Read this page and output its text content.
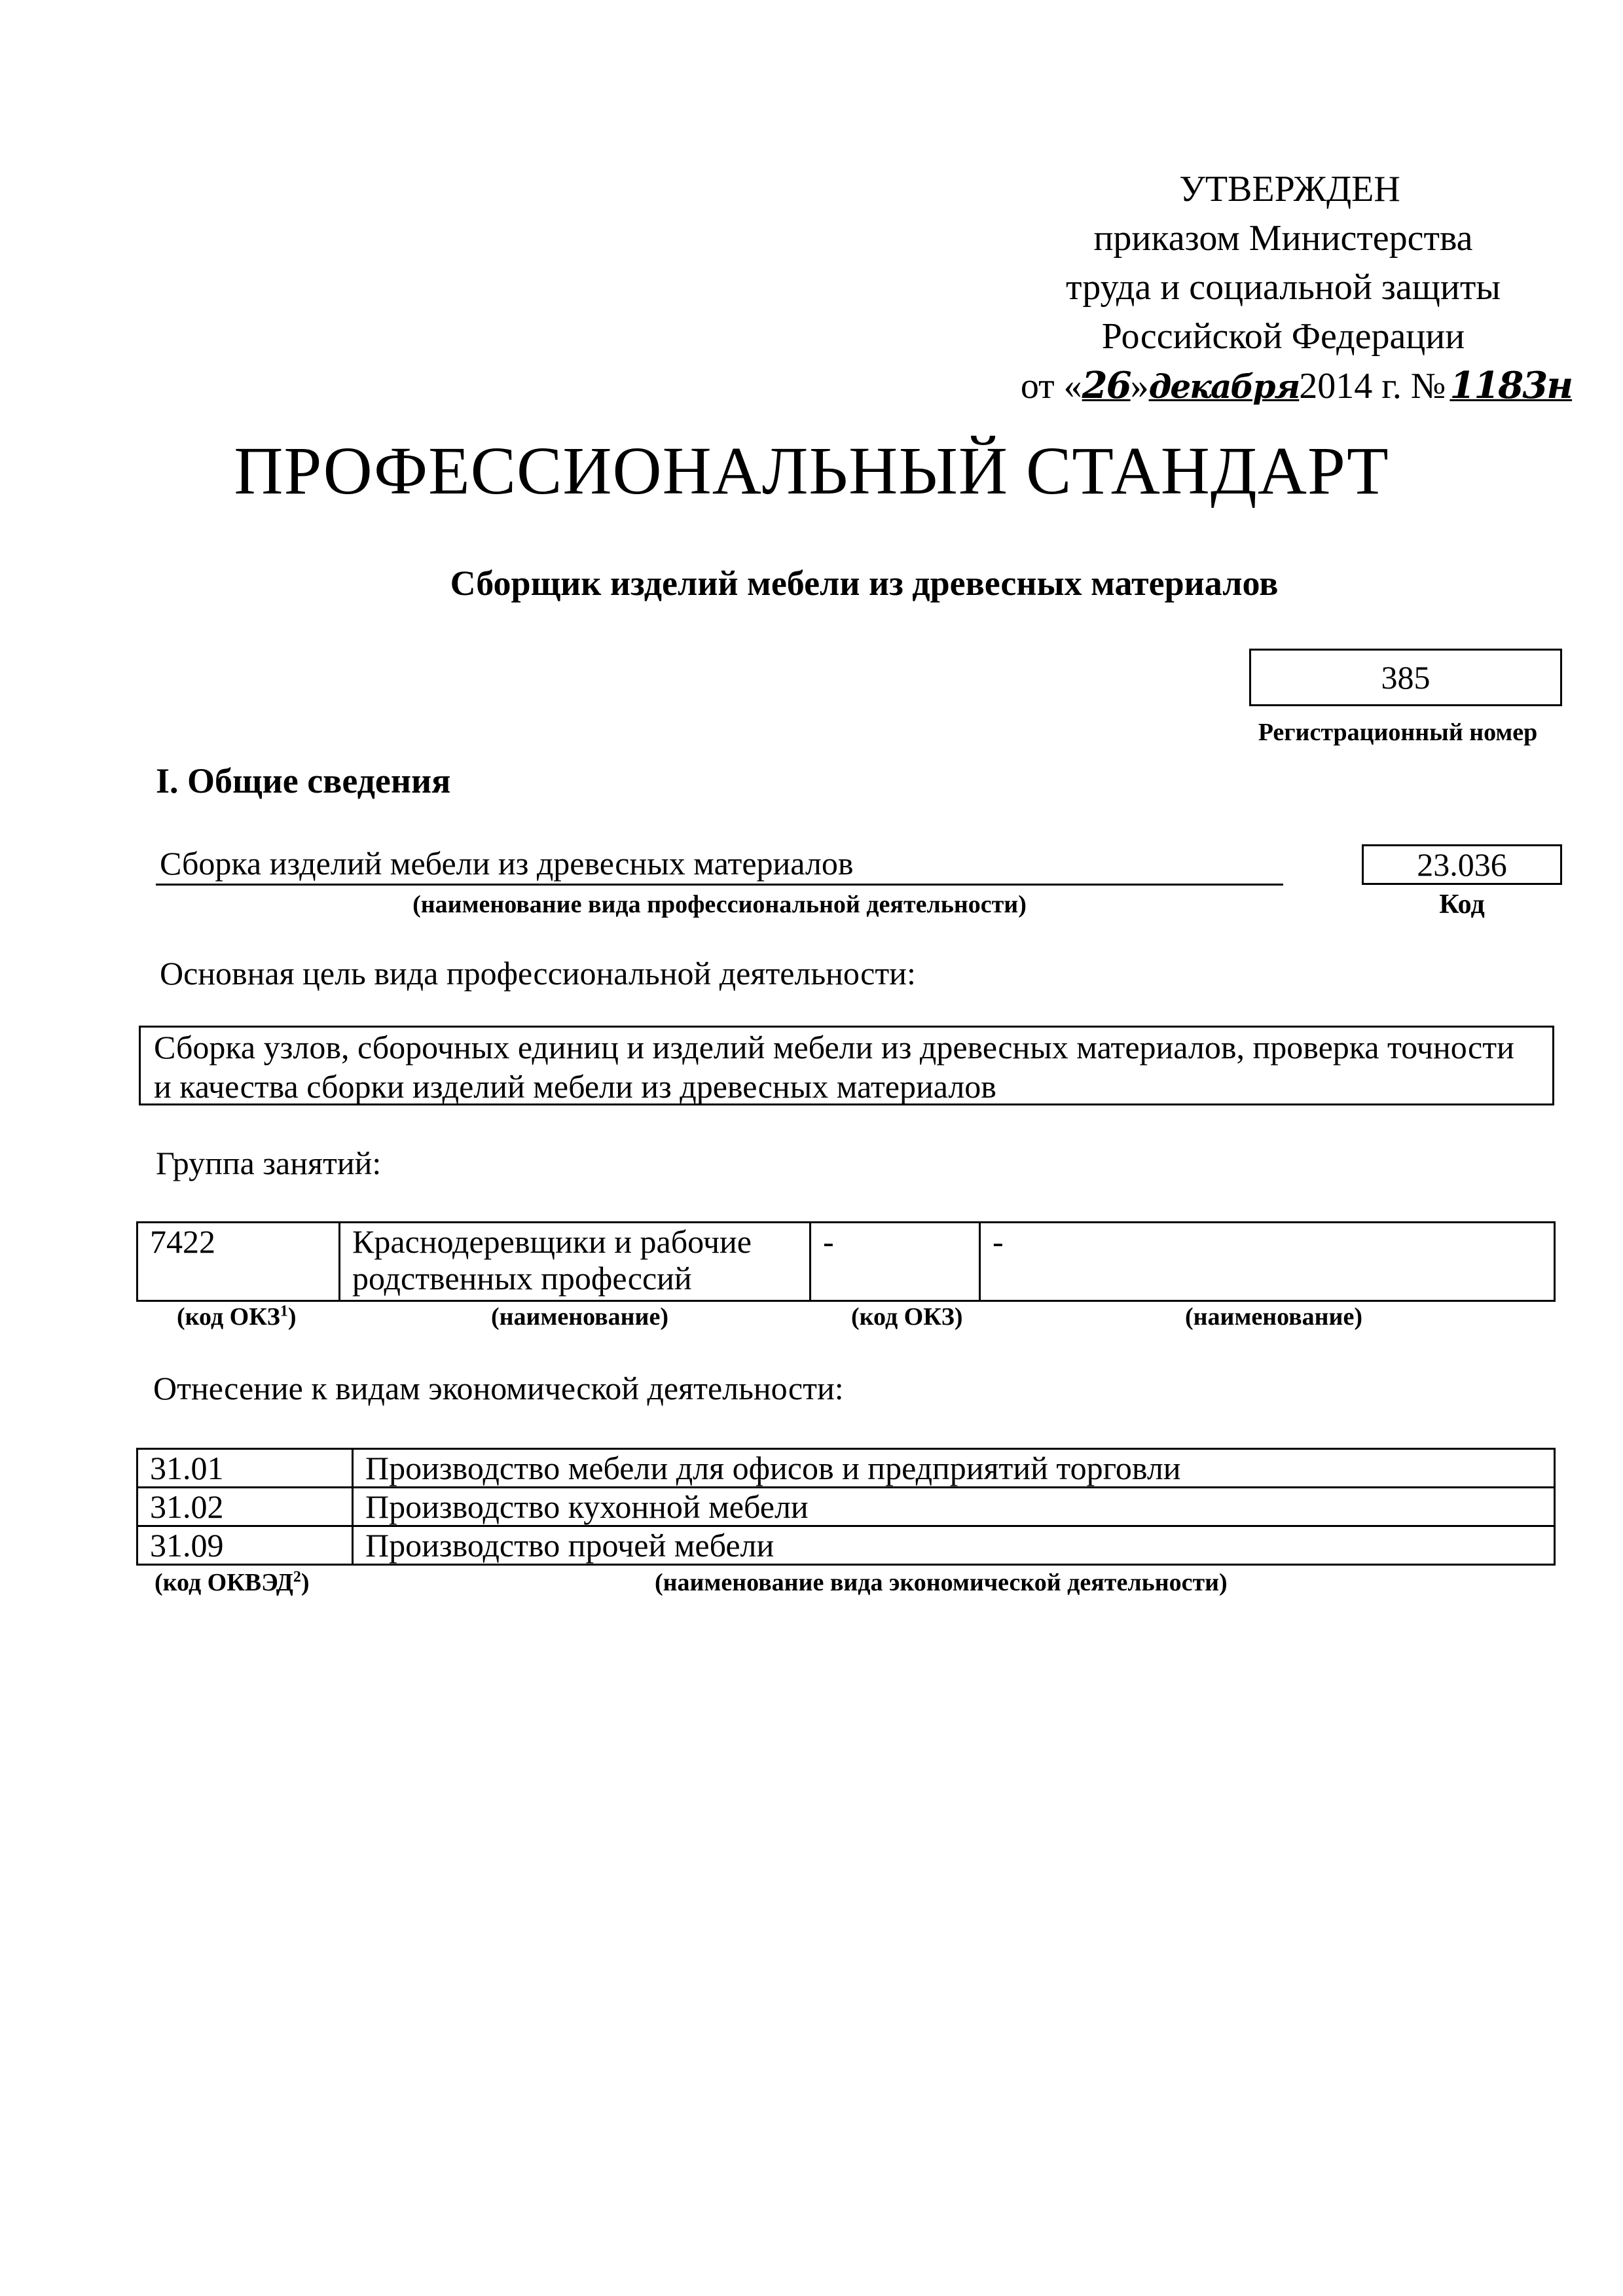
УТВЕРЖДЕН
приказом Министерства
труда и социальной защиты
Российской Федерации
от «26»декабря2014 г. № 1183н
ПРОФЕССИОНАЛЬНЫЙ СТАНДАРТ
Сборщик изделий мебели из древесных материалов
385
Регистрационный номер
I. Общие сведения
Сборка изделий мебели из древесных материалов
(наименование вида профессиональной деятельности)
23.036
Код
Основная цель вида профессиональной деятельности:
Сборка узлов, сборочных единиц и изделий мебели из древесных материалов, проверка точности и качества сборки изделий мебели из древесных материалов
Группа занятий:
7422	Краснодеревщики и рабочие родственных профессий	-	-
(код ОКЗ$^1$)	(наименование)	(код ОКЗ)	(наименование)
Отнесение к видам экономической деятельности:
31.01	Производство мебели для офисов и предприятий торговли
31.02	Производство кухонной мебели
31.09	Производство прочей мебели
(код ОКВЭД$^2$)	(наименование вида экономической деятельности)
